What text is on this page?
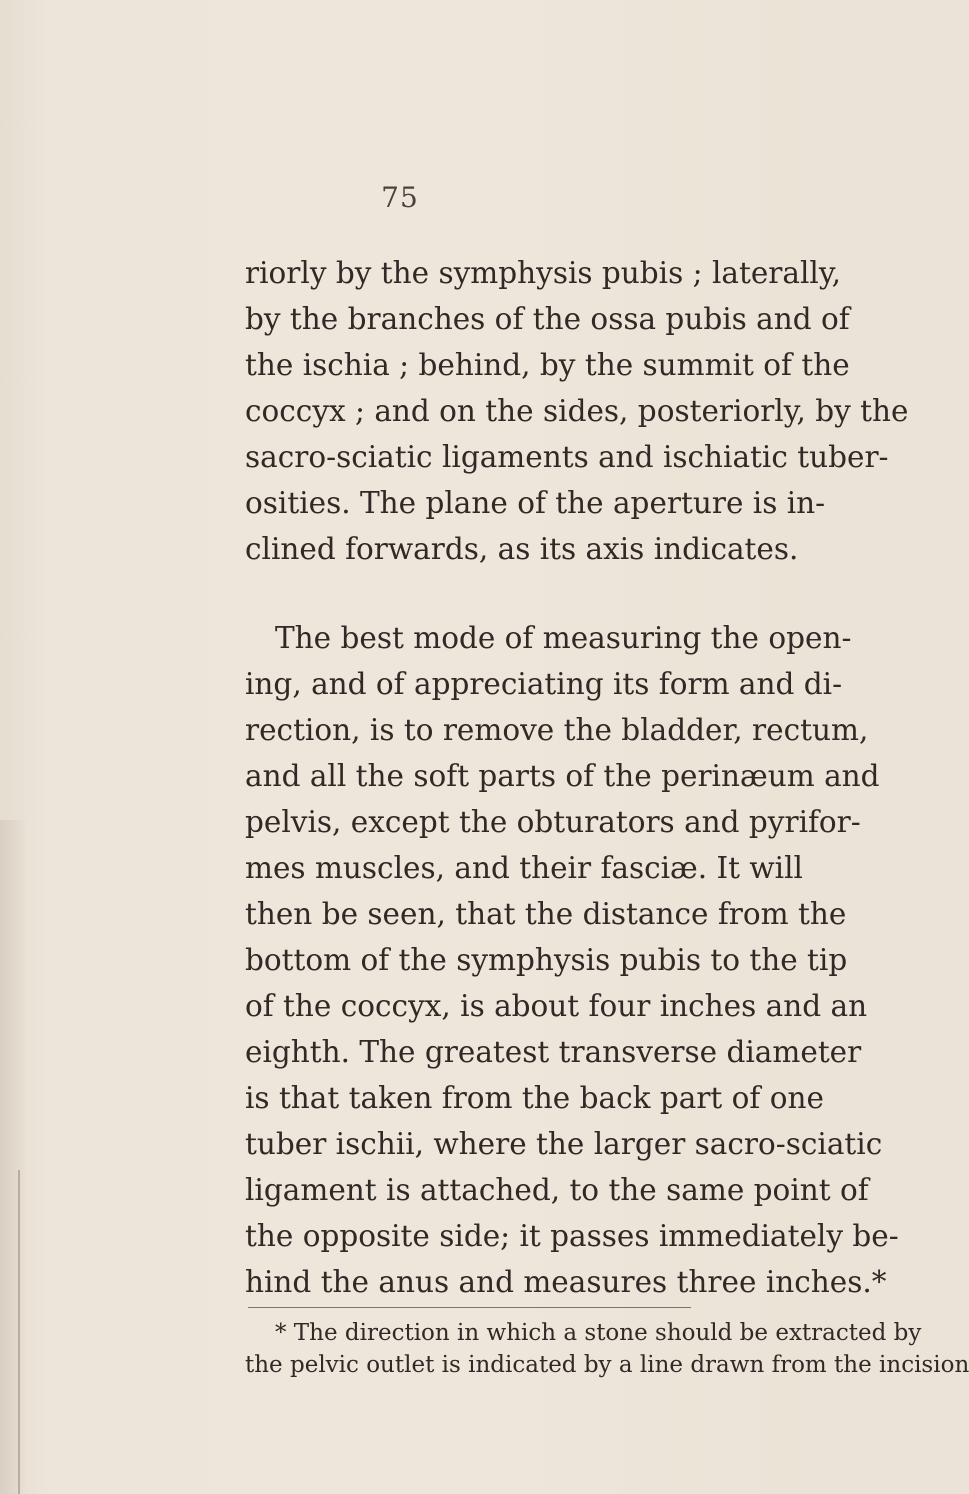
75
riorly by the symphysis pubis ; laterally,
by the branches of the ossa pubis and of
the ischia ; behind, by the summit of the
coccyx ; and on the sides, posteriorly, by the
sacro-sciatic ligaments and ischiatic tuber-
osities. The plane of the aperture is in-
clined forwards, as its axis indicates.
The best mode of measuring the open-
ing, and of appreciating its form and di-
rection, is to remove the bladder, rectum,
and all the soft parts of the perinæum and
pelvis, except the obturators and pyrifor-
mes muscles, and their fasciæ. It will
then be seen, that the distance from the
bottom of the symphysis pubis to the tip
of the coccyx, is about four inches and an
eighth. The greatest transverse diameter
is that taken from the back part of one
tuber ischii, where the larger sacro-sciatic
ligament is attached, to the same point of
the opposite side; it passes immediately be-
hind the anus and measures three inches.*
* The direction in which a stone should be extracted by
the pelvic outlet is indicated by a line drawn from the incision
